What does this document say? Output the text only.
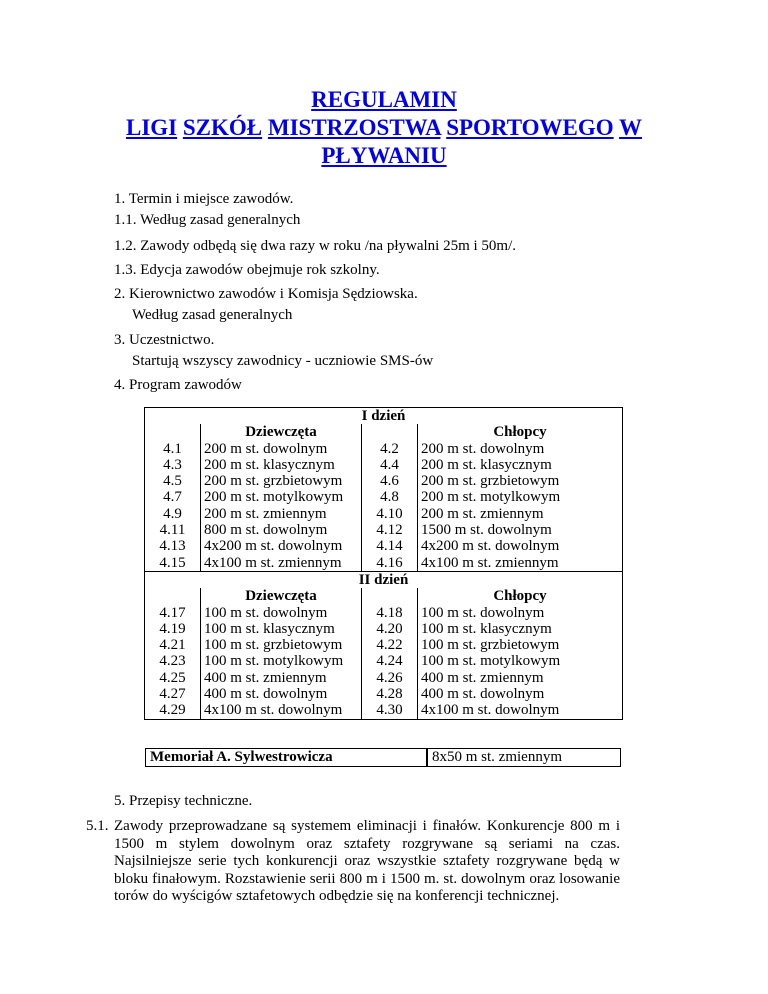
REGULAMIN
LIGI SZKÓŁ MISTRZOSTWA SPORTOWEGO W
PŁYWANIU
1. Termin i miejsce zawodów.
1.1. Według zasad generalnych
1.2. Zawody odbędą się dwa razy w roku /na pływalni 25m i 50m/.
1.3. Edycja zawodów obejmuje rok szkolny.
2. Kierownictwo zawodów i Komisja Sędziowska.
Według zasad generalnych
3. Uczestnictwo.
Startują wszyscy zawodnicy - uczniowie SMS-ów
4. Program zawodów
I dzień			
	Dziewczęta		Chłopcy
4.1	200 m st. dowolnym	4.2	200 m st. dowolnym
4.3	200 m st. klasycznym	4.4	200 m st. klasycznym
4.5	200 m st. grzbietowym	4.6	200 m st. grzbietowym
4.7	200 m st. motylkowym	4.8	200 m st. motylkowym
4.9	200 m st. zmiennym	4.10	200 m st. zmiennym
4.11	800 m st. dowolnym	4.12	1500 m st. dowolnym
4.13	4x200 m st. dowolnym	4.14	4x200 m st. dowolnym
4.15	4x100 m st. zmiennym	4.16	4x100 m st. zmiennym
II dzień			
	Dziewczęta		Chłopcy
4.17	100 m st. dowolnym	4.18	100 m st. dowolnym
4.19	100 m st. klasycznym	4.20	100 m st. klasycznym
4.21	100 m st. grzbietowym	4.22	100 m st. grzbietowym
4.23	100 m st. motylkowym	4.24	100 m st. motylkowym
4.25	400 m st. zmiennym	4.26	400 m st. zmiennym
4.27	400 m st. dowolnym	4.28	400 m st. dowolnym
4.29	4x100 m st. dowolnym	4.30	4x100 m st. dowolnym
Memoriał A. Sylwestrowicza	8x50 m st. zmiennym
5. Przepisy techniczne.
5.1. Zawody przeprowadzane są systemem eliminacji i finałów. Konkurencje 800 m i 1500 m stylem dowolnym oraz sztafety rozgrywane są seriami na czas. Najsilniejsze serie tych konkurencji oraz wszystkie sztafety rozgrywane będą w bloku finałowym. Rozstawienie serii 800 m i 1500 m. st. dowolnym oraz losowanie torów do wyścigów sztafetowych odbędzie się na konferencji technicznej.
